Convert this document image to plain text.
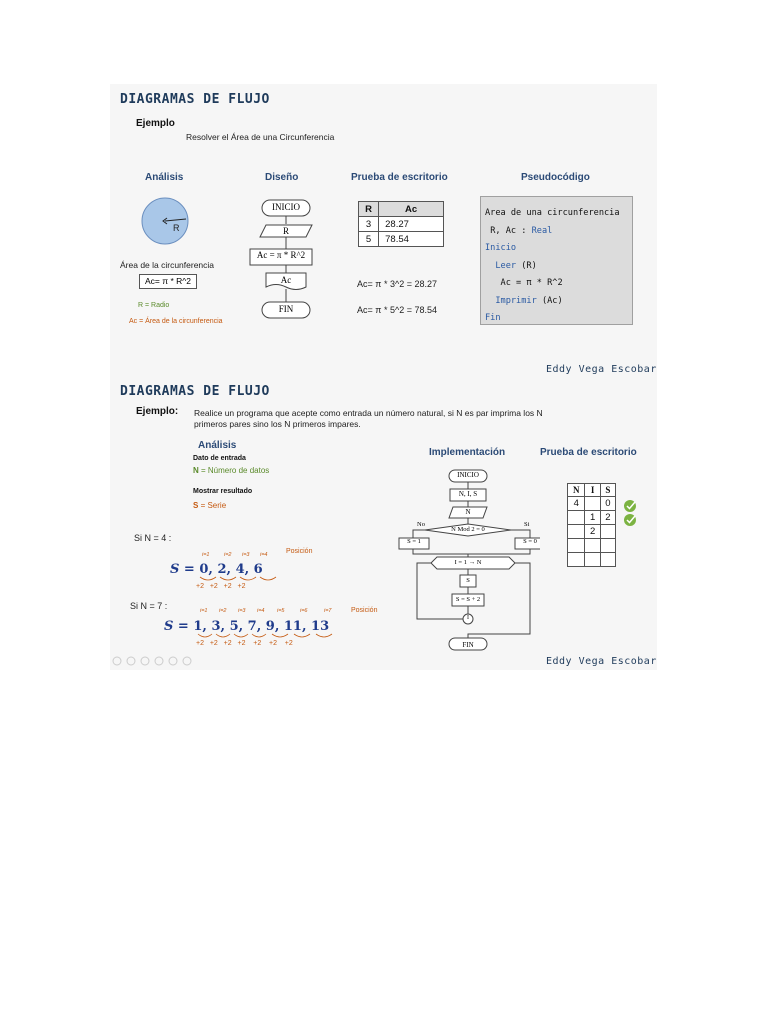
DIAGRAMAS DE FLUJO
Ejemplo
Resolver el Área de una Circunferencia
Análisis	Diseño	Prueba de escritorio	Pseudocódigo
R
Área de la circunferencia
Ac= π * R^2
R = Radio
Ac = Área de la circunferencia
INICIO
R
Ac = π * R^2
Ac
FIN
R	Ac
3	28.27
5	78.54
Ac= π * 3^2 = 28.27
Ac= π * 5^2 = 78.54
Area de una circunferencia
R, Ac : Real
Inicio
Leer (R)
Ac = π * R^2
Imprimir (Ac)
Fin
Eddy Vega Escobar
DIAGRAMAS DE FLUJO
Ejemplo: Realice un programa que acepte como entrada un número natural, si N es par imprima los N
primeros pares sino los N primeros impares.
Análisis
Dato de entrada
N = Número de datos
Mostrar resultado
S = Serie
Si N = 4 :
Posición
i=1	i=2 i=3 i=4
S = 0, 2, 4, 6
+2 +2 +2 +2
Si N = 7 :	Posición
i=1 i=2 i=3 i=4 i=5	i=6	i=7
S = 1, 3, 5, 7, 9, 11, 13
+2 +2 +2 +2 +2 +2 +2
Implementación	Prueba de escritorio
INICIO
N, I, S
N
N Mod 2 = 0
No	Si
S = 1	S = 0
I = 1 → N
S
S = S + 2
I
FIN
N	I	S
4		0
	1	2
	2	

Eddy Vega Escobar
